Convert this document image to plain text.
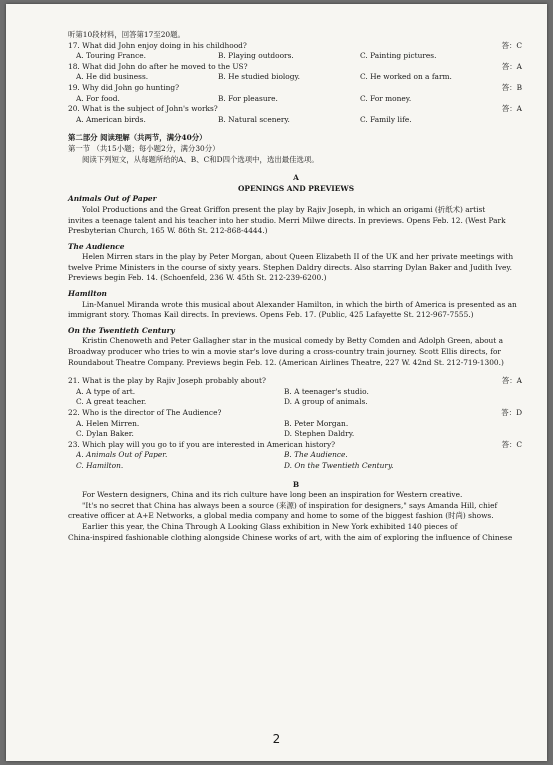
听第10段材料，回答第17至20题。
17. What did John enjoy doing in his childhood?	答：C
A. Touring France.	B. Playing outdoors.	C. Painting pictures.
18. What did John do after he moved to the US?	答：A
A. He did business.	B. He studied biology.	C. He worked on a farm.
19. Why did John go hunting?	答：B
A. For food.	B. For pleasure.	C. For money.
20. What is the subject of John's works?	答：A
A. American birds.	B. Natural scenery.	C. Family life.
第二部分 阅读理解（共两节，满分40分）
第一节 （共15小题；每小题2分，满分30分）
阅读下列短文，从每题所给的A、B、C和D四个选项中，选出最佳选项。
A
OPENINGS AND PREVIEWS
Animals Out of Paper
Yolol Productions and the Great Griffon present the play by Rajiv Joseph, in which an origami (折纸术) artist
invites a teenage talent and his teacher into her studio. Merri Milwe directs. In previews. Opens Feb. 12. (West Park
Presbyterian Church, 165 W. 86th St. 212-868-4444.)
The Audience
Helen Mirren stars in the play by Peter Morgan, about Queen Elizabeth II of the UK and her private meetings with
twelve Prime Ministers in the course of sixty years. Stephen Daldry directs. Also starring Dylan Baker and Judith Ivey.
Previews begin Feb. 14. (Schoenfeld, 236 W. 45th St. 212-239-6200.)
Hamilton
Lin-Manuel Miranda wrote this musical about Alexander Hamilton, in which the birth of America is presented as an
immigrant story. Thomas Kail directs. In previews. Opens Feb. 17. (Public, 425 Lafayette St. 212-967-7555.)
On the Twentieth Century
Kristin Chenoweth and Peter Gallagher star in the musical comedy by Betty Comden and Adolph Green, about a
Broadway producer who tries to win a movie star's love during a cross-country train journey. Scott Ellis directs, for
Roundabout Theatre Company. Previews begin Feb. 12. (American Airlines Theatre, 227 W. 42nd St. 212-719-1300.)
21. What is the play by Rajiv Joseph probably about?	答：A
A. A type of art.	B. A teenager's studio.
C. A great teacher.	D. A group of animals.
22. Who is the director of The Audience?	答：D
A. Helen Mirren.	B. Peter Morgan.
C. Dylan Baker.	D. Stephen Daldry.
23. Which play will you go to if you are interested in American history?	答：C
A. Animals Out of Paper.	B. The Audience.
C. Hamilton.	D. On the Twentieth Century.
B
For Western designers, China and its rich culture have long been an inspiration for Western creative.
"It's no secret that China has always been a source (来源) of inspiration for designers," says Amanda Hill, chief
creative officer at A+E Networks, a global media company and home to some of the biggest fashion (时尚) shows.
Earlier this year, the China Through A Looking Glass exhibition in New York exhibited 140 pieces of
China-inspired fashionable clothing alongside Chinese works of art, with the aim of exploring the influence of Chinese
2
